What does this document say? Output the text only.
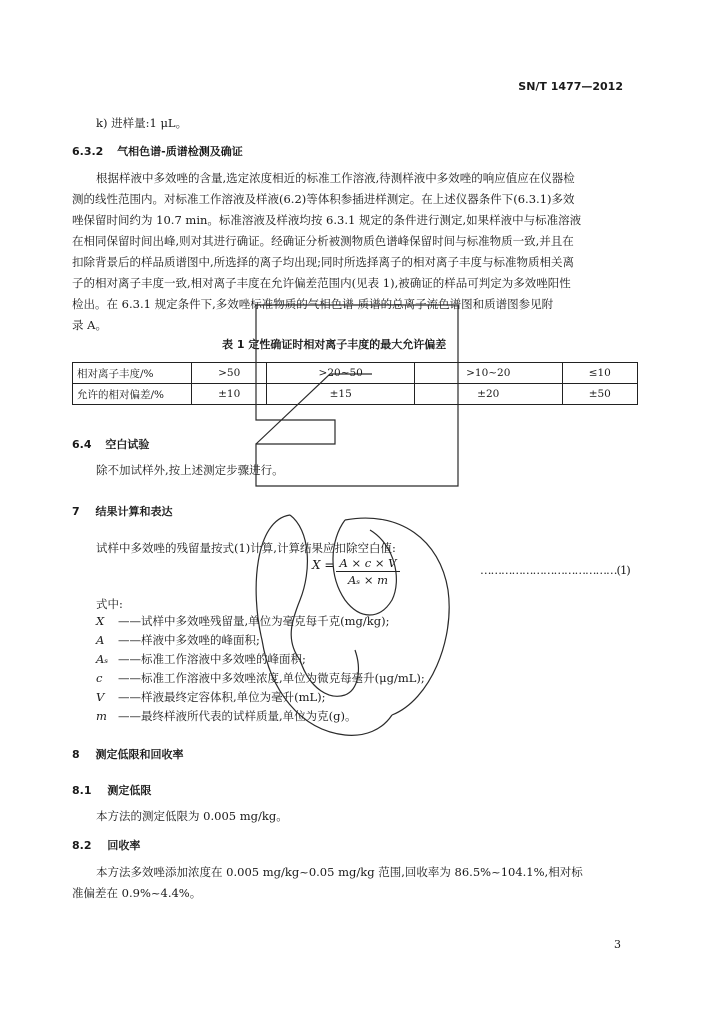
SN/T 1477—2012
k) 进样量:1 μL。
6.3.2 气相色谱-质谱检测及确证
根据样液中多效唑的含量,选定浓度相近的标准工作溶液,待测样液中多效唑的响应值应在仪器检
测的线性范围内。对标准工作溶液及样液(6.2)等体积参插进样测定。在上述仪器条件下(6.3.1)多效
唑保留时间约为 10.7 min。标准溶液及样液均按 6.3.1 规定的条件进行测定,如果样液中与标准溶液
在相同保留时间出峰,则对其进行确证。经确证分析被测物质色谱峰保留时间与标准物质一致,并且在
扣除背景后的样品质谱图中,所选择的离子均出现;同时所选择离子的相对离子丰度与标准物质相关离
子的相对离子丰度一致,相对离子丰度在允许偏差范围内(见表 1),被确证的样品可判定为多效唑阳性
检出。在 6.3.1 规定条件下,多效唑标准物质的气相色谱-质谱的总离子流色谱图和质谱图参见附
录 A。
表 1 定性确证时相对离子丰度的最大允许偏差
相对离子丰度/%	>50	>20~50	>10~20	≤10
允许的相对偏差/%	±10	±15	±20	±50
6.4 空白试验
除不加试样外,按上述测定步骤进行。
7 结果计算和表达
试样中多效唑的残留量按式(1)计算,计算结果应扣除空白值:
$X = \frac{A \times c \times V}{\text{Aₛ × m}}$	…………………………………(1)
式中:
X ——试样中多效唑残留量,单位为毫克每千克(mg/kg);
A ——样液中多效唑的峰面积;
Aₛ ——标准工作溶液中多效唑的峰面积;
c ——标准工作溶液中多效唑浓度,单位为微克每毫升(μg/mL);
V ——样液最终定容体积,单位为毫升(mL);
m ——最终样液所代表的试样质量,单位为克(g)。
8 测定低限和回收率
8.1 测定低限
本方法的测定低限为 0.005 mg/kg。
8.2 回收率
本方法多效唑添加浓度在 0.005 mg/kg~0.05 mg/kg 范围,回收率为 86.5%~104.1%,相对标
准偏差在 0.9%~4.4%。
3
